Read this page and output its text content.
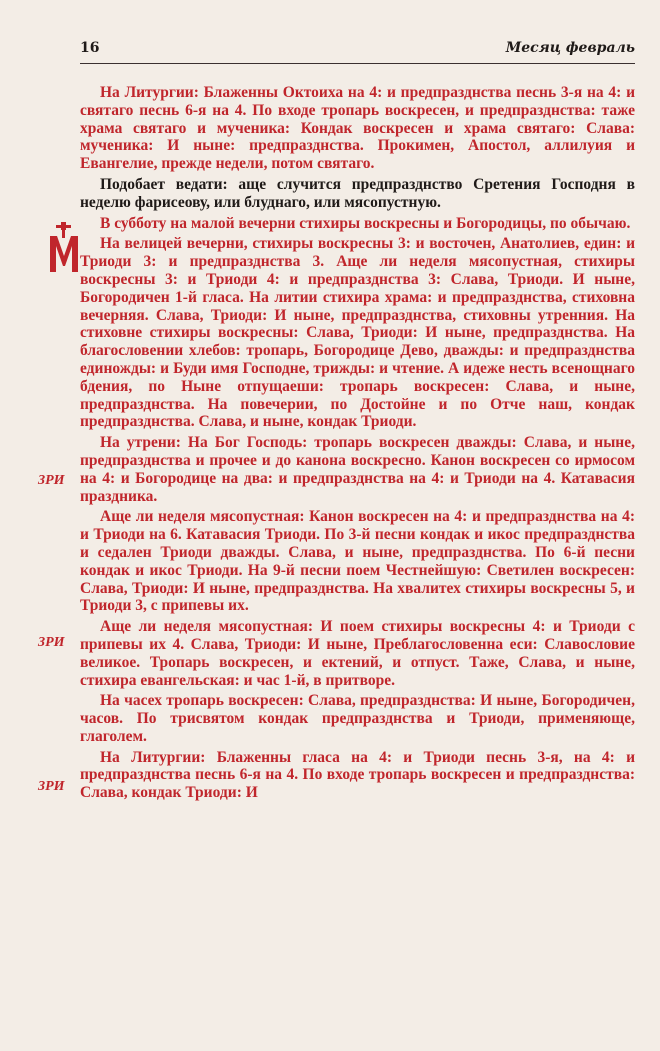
16	Месяц февраль
ЗРИ
ЗРИ
ЗРИ

На Литургии: Блаженны Октоиха на 4: и предпразднства песнь 3-я на 4: и святаго песнь 6-я на 4. По входе тропарь воскресен, и предпразднства: таже храма святаго и мученика: Кондак воскресен и храма святаго: Слава: мученика: И ныне: предпразднства. Прокимен, Апостол, аллилуия и Евангелие, прежде недели, потом святаго.

Подобает ведати: аще случится предпразднство Сретения Господня в неделю фарисеову, или блуднаго, или мясопустную.

В субботу на малой вечерни стихиры воскресны и Богородицы, по обычаю.

На велицей вечерни, стихиры воскресны 3: и восточен, Анатолиев, един: и Триоди 3: и предпразднства 3. Аще ли неделя мясопустная, стихиры воскресны 3: и Триоди 4: и предпразднства 3: Слава, Триоди. И ныне, Богородичен 1-й гласа. На литии стихира храма: и предпразднства, стиховна вечерняя. Слава, Триоди: И ныне, предпразднства, стиховны утренния. На стиховне стихиры воскресны: Слава, Триоди: И ныне, предпразднства. На благословении хлебов: тропарь, Богородице Дево, дважды: и предпразднства единожды: и Буди имя Господне, трижды: и чтение. А идеже несть всенощнаго бдения, по Ныне отпущаеши: тропарь воскресен: Слава, и ныне, предпразднства. На повечерии, по Достойне и по Отче наш, кондак предпразднства. Слава, и ныне, кондак Триоди.

На утрени: На Бог Господь: тропарь воскресен дважды: Слава, и ныне, предпразднства и прочее и до канона воскресно. Канон воскресен со ирмосом на 4: и Богородице на два: и предпразднства на 4: и Триоди на 4. Катавасия праздника.

Аще ли неделя мясопустная: Канон воскресен на 4: и предпразднства на 4: и Триоди на 6. Катавасия Триоди. По 3-й песни кондак и икос предпразднства и седален Триоди дважды. Слава, и ныне, предпразднства. По 6-й песни кондак и икос Триоди. На 9-й песни поем Честнейшую: Светилен воскресен: Слава, Триоди: И ныне, предпразднства. На хвалитех стихиры воскресны 5, и Триоди 3, с припевы их.

Аще ли неделя мясопустная: И поем стихиры воскресны 4: и Триоди с припевы их 4. Слава, Триоди: И ныне, Преблагословенна еси: Славословие великое. Тропарь воскресен, и ектений, и отпуст. Таже, Слава, и ныне, стихира евангельская: и час 1-й, в притворе.

На часех тропарь воскресен: Слава, предпразднства: И ныне, Богородичен, часов. По трисвятом кондак предпразднства и Триоди, применяюще, глаголем.

На Литургии: Блаженны гласа на 4: и Триоди песнь 3-я, на 4: и предпразднства песнь 6-я на 4. По входе тропарь воскресен и предпразднства: Слава, кондак Триоди: И
